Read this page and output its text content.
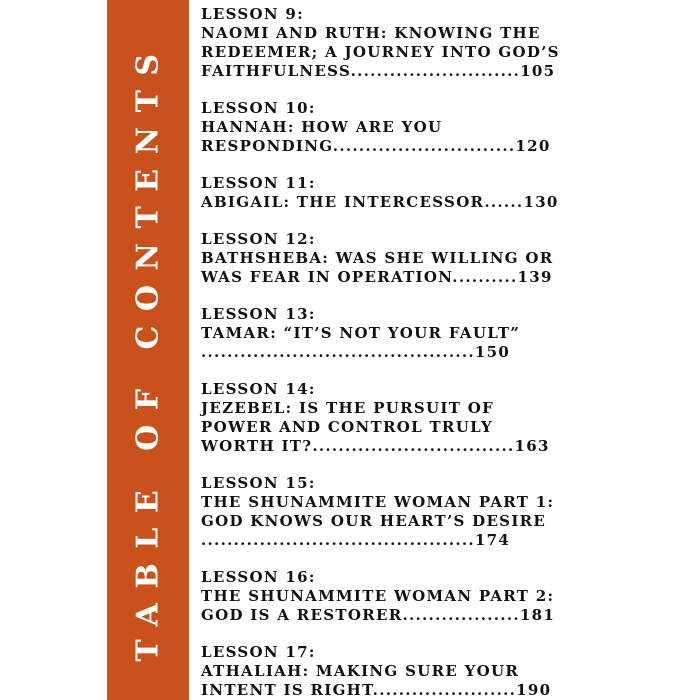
TABLE OF CONTENTS

LESSON 9:

NAOMI AND RUTH: KNOWING THE

REDEEMER; A JOURNEY INTO GOD’S

FAITHFULNESS..........................105

LESSON 10:

HANNAH: HOW ARE YOU

RESPONDING............................120

LESSON 11:

ABIGAIL: THE INTERCESSOR......130

LESSON 12:

BATHSHEBA: WAS SHE WILLING OR

WAS FEAR IN OPERATION..........139

LESSON 13:

TAMAR: “IT’S NOT YOUR FAULT”

..........................................150

LESSON 14:

JEZEBEL: IS THE PURSUIT OF

POWER AND CONTROL TRULY

WORTH IT?...............................163

LESSON 15:

THE SHUNAMMITE WOMAN PART 1:

GOD KNOWS OUR HEART’S DESIRE

..........................................174

LESSON 16:

THE SHUNAMMITE WOMAN PART 2:

GOD IS A RESTORER..................181

LESSON 17:

ATHALIAH: MAKING SURE YOUR

INTENT IS RIGHT......................190
